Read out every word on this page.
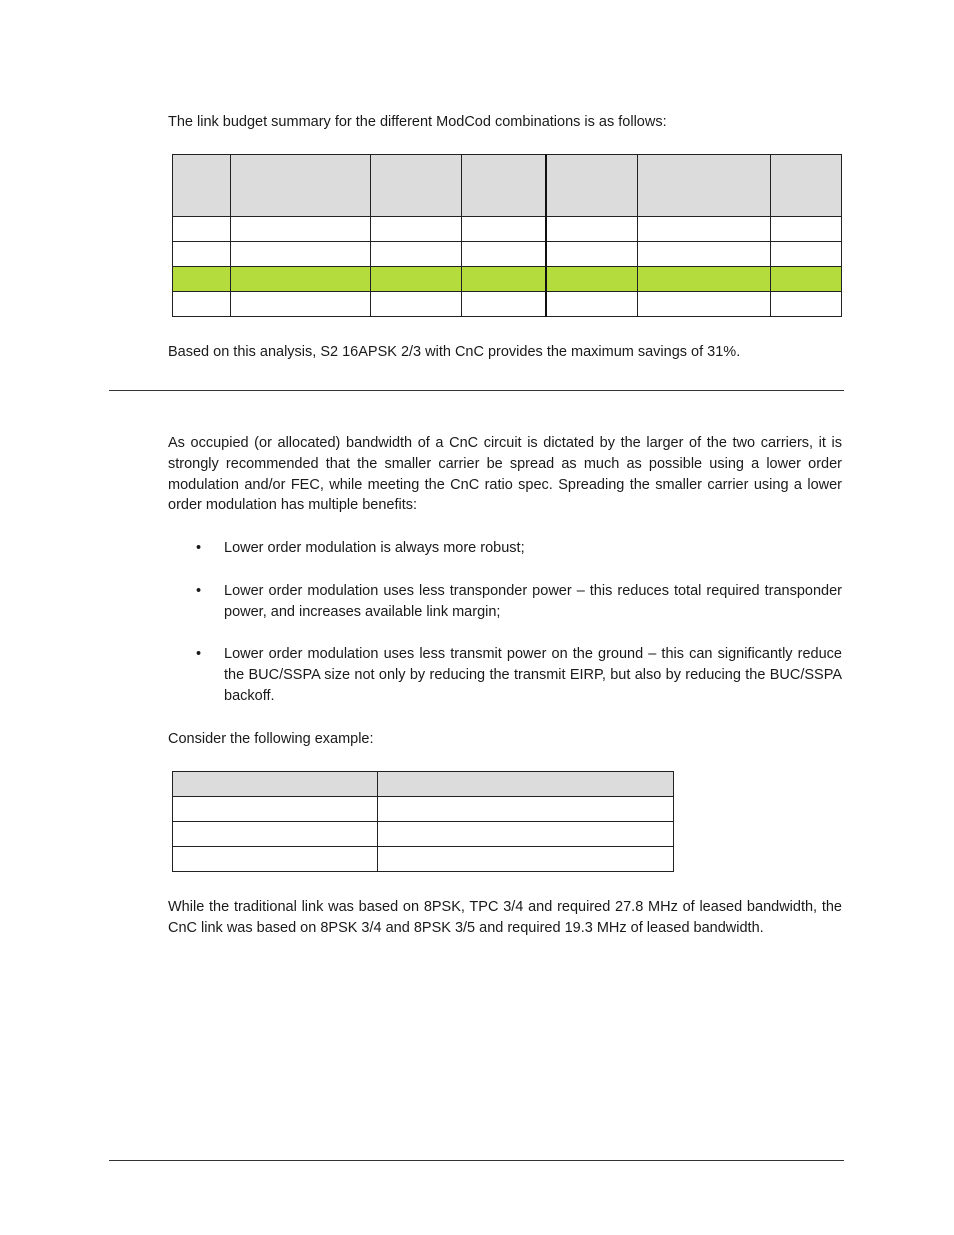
The link budget summary for the different ModCod combinations is as follows:

Based on this analysis, S2 16APSK 2/3 with CnC provides the maximum savings of 31%.

As occupied (or allocated) bandwidth of a CnC circuit is dictated by the larger of the two carriers, it is strongly recommended that the smaller carrier be spread as much as possible using a lower order modulation and/or FEC, while meeting the CnC ratio spec. Spreading the smaller carrier using a lower order modulation has multiple benefits:

• Lower order modulation is always more robust;
• Lower order modulation uses less transponder power – this reduces total required transponder power, and increases available link margin;
• Lower order modulation uses less transmit power on the ground – this can significantly reduce the BUC/SSPA size not only by reducing the transmit EIRP, but also by reducing the BUC/SSPA backoff.

Consider the following example:

While the traditional link was based on 8PSK, TPC 3/4 and required 27.8 MHz of leased bandwidth, the CnC link was based on 8PSK 3/4 and 8PSK 3/5 and required 19.3 MHz of leased bandwidth.
